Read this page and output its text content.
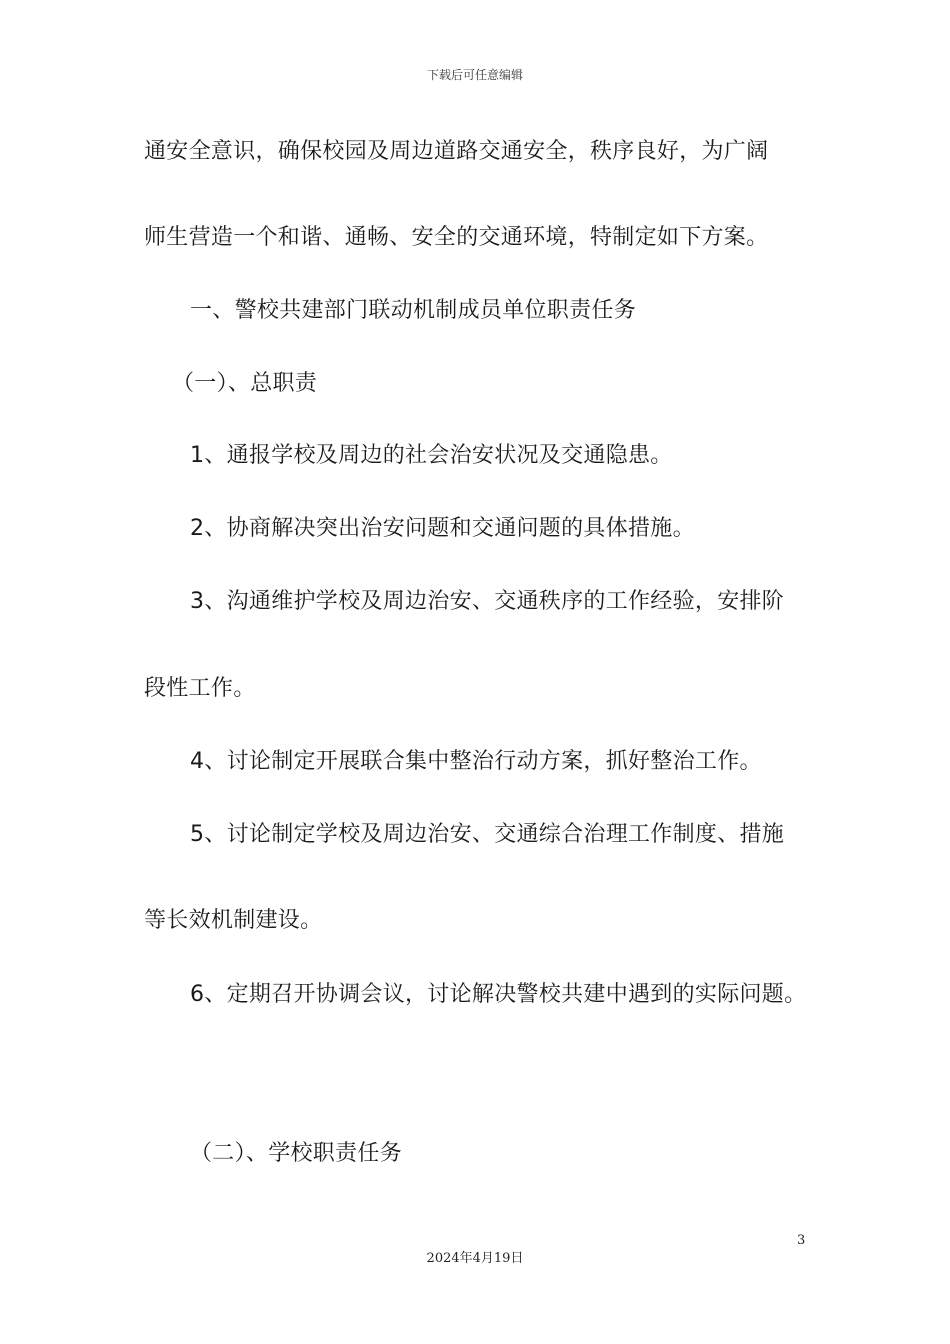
下载后可任意编辑
通安全意识，确保校园及周边道路交通安全，秩序良好，为广阔
师生营造一个和谐、通畅、安全的交通环境，特制定如下方案。
一、警校共建部门联动机制成员单位职责任务
（一）、总职责
1、通报学校及周边的社会治安状况及交通隐患。
2、协商解决突出治安问题和交通问题的具体措施。
3、沟通维护学校及周边治安、交通秩序的工作经验，安排阶
段性工作。
4、讨论制定开展联合集中整治行动方案，抓好整治工作。
5、讨论制定学校及周边治安、交通综合治理工作制度、措施
等长效机制建设。
6、定期召开协调会议，讨论解决警校共建中遇到的实际问题。
（二）、学校职责任务
3
2024年4月19日
